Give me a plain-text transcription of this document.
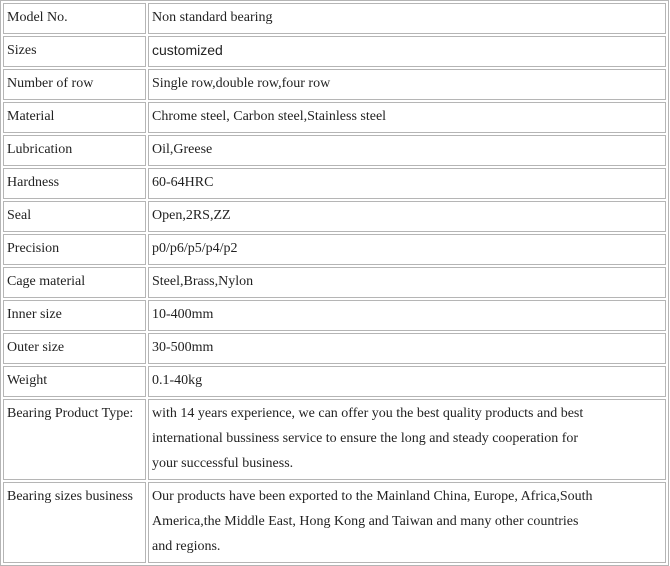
Model No.	Non standard bearing
Sizes	customized
Number of row	Single row,double row,four row
Material	Chrome steel, Carbon steel,Stainless steel
Lubrication	Oil,Greese
Hardness	60-64HRC
Seal	Open,2RS,ZZ
Precision	p0/p6/p5/p4/p2
Cage material	Steel,Brass,Nylon
Inner size	10-400mm
Outer size	30-500mm
Weight	0.1-40kg
Bearing Product Type:	with 14 years experience, we can offer you the best quality products and best
international bussiness service to ensure the long and steady cooperation for
your successful business.

Bearing sizes business	Our products have been exported to the Mainland China, Europe, Africa,South
America,the Middle East, Hong Kong and Taiwan and many other countries
and regions.
